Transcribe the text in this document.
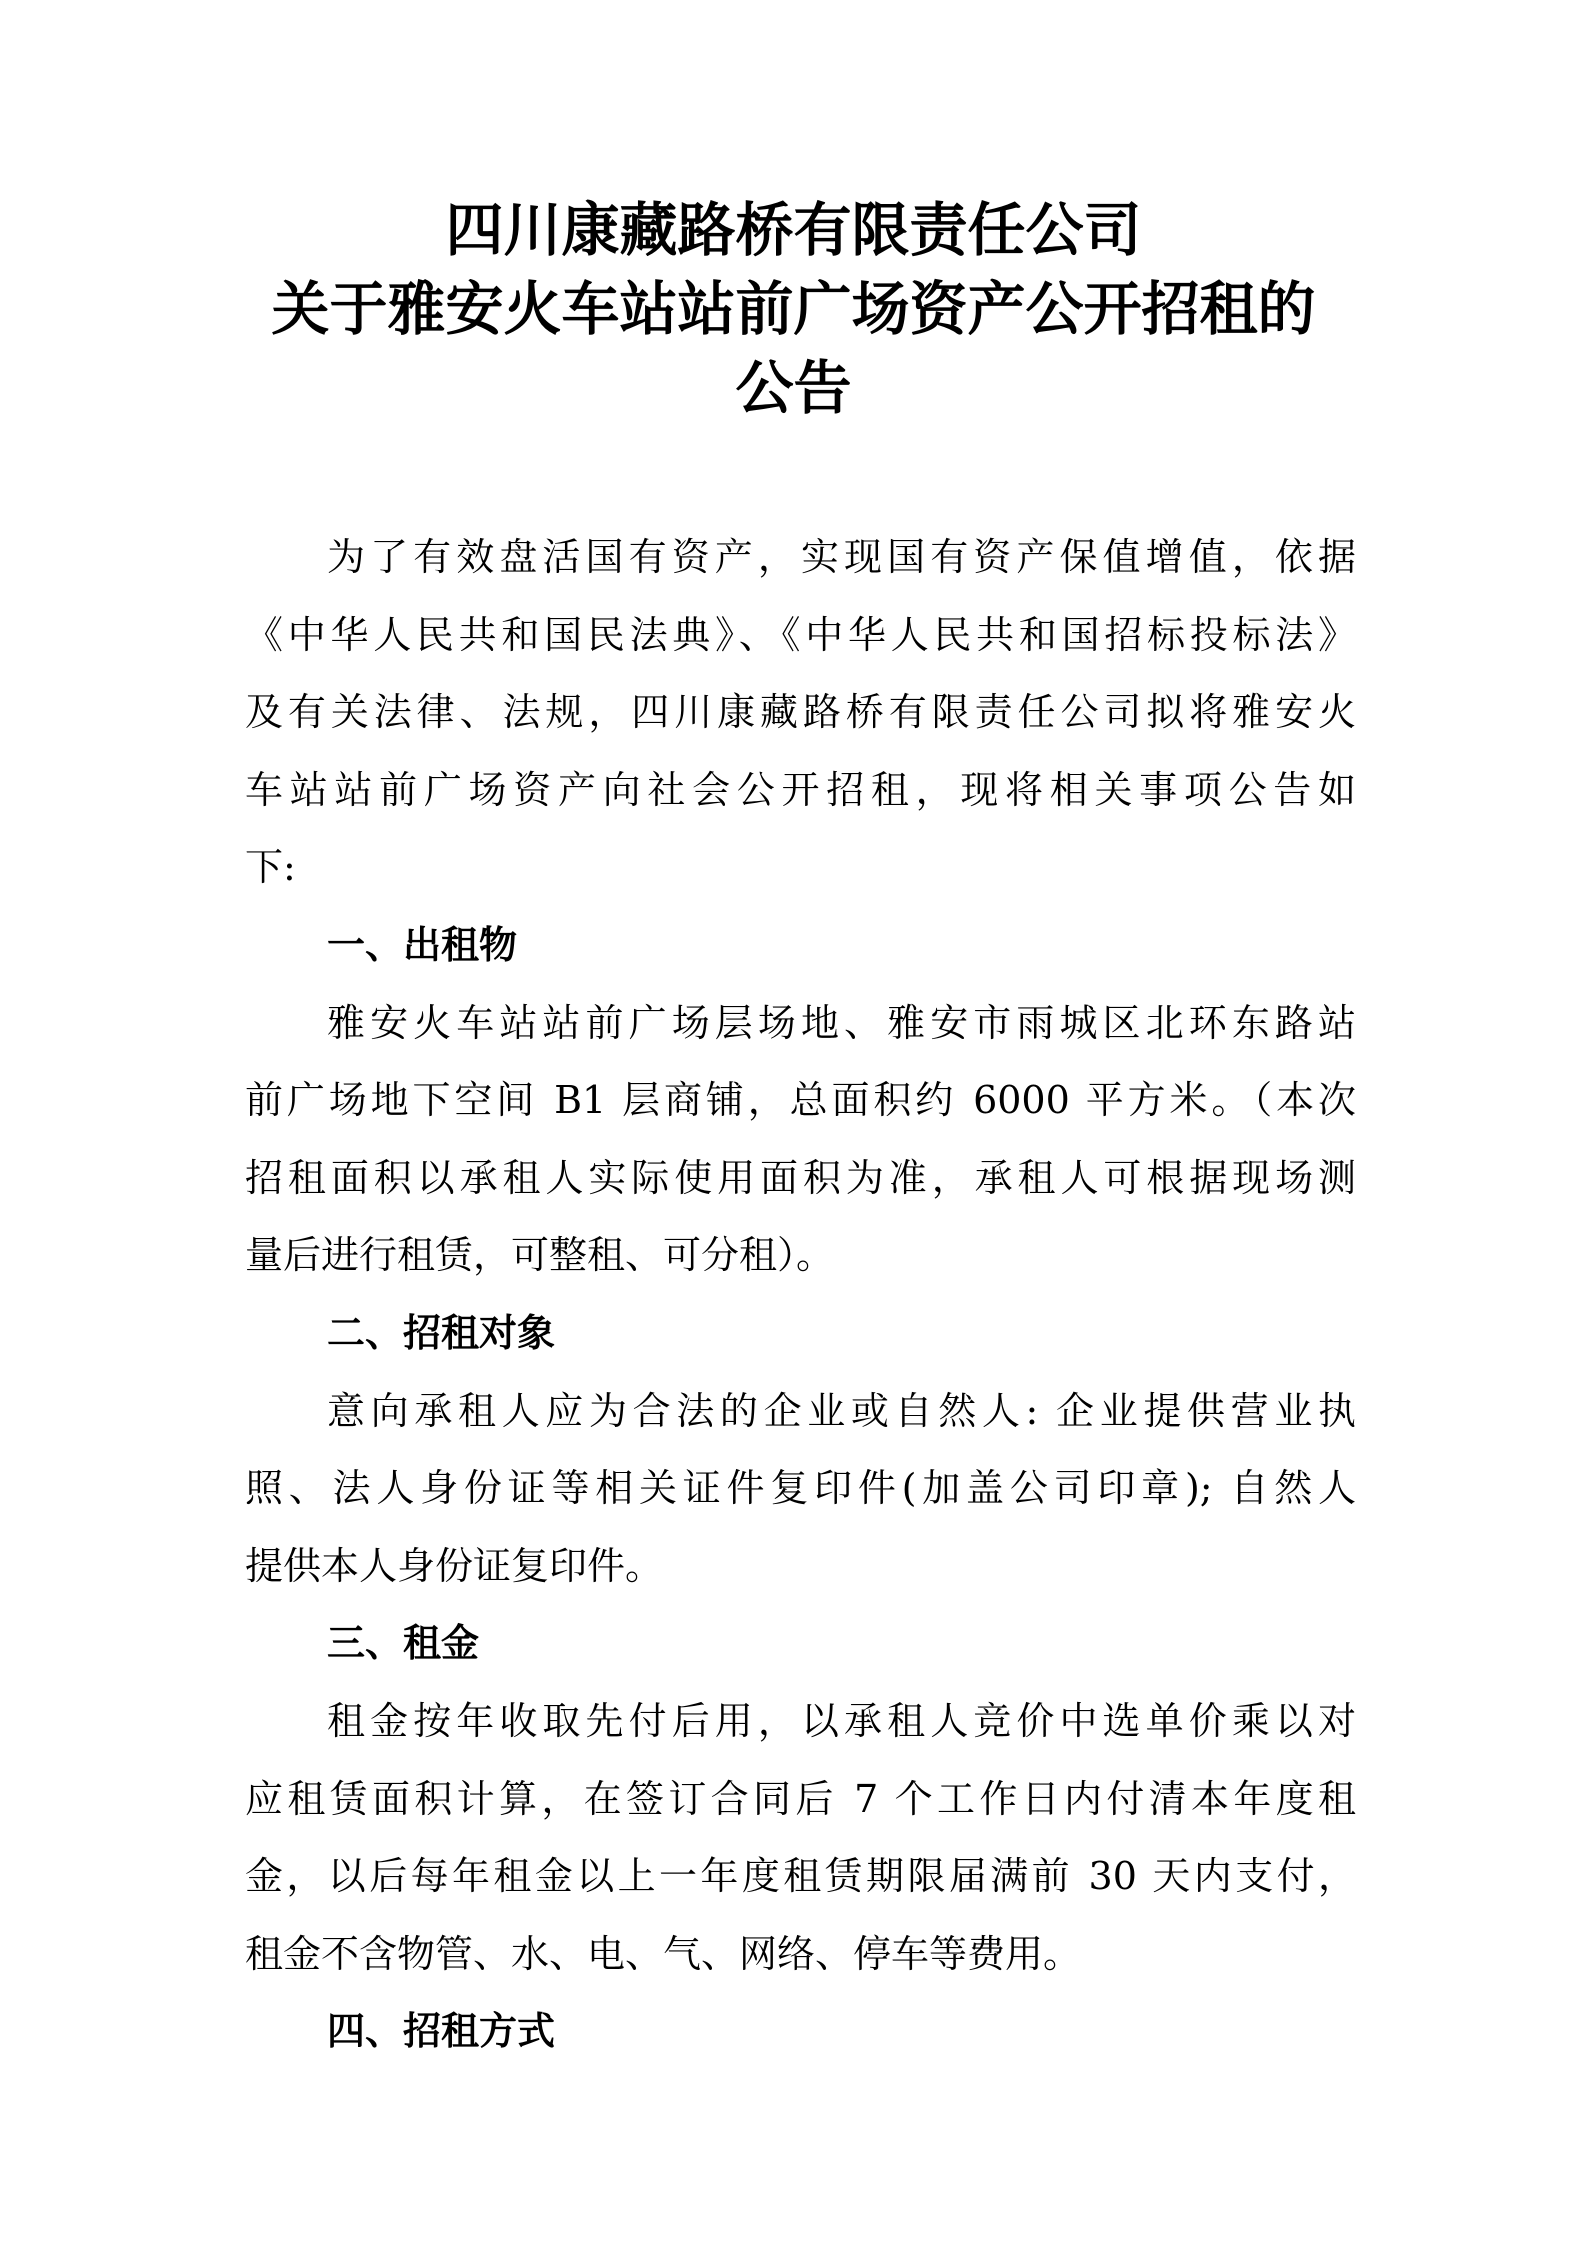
四川康藏路桥有限责任公司
关于雅安火车站站前广场资产公开招租的
公告
为了有效盘活国有资产，实现国有资产保值增值，依据
《中华人民共和国民法典》、《中华人民共和国招标投标法》
及有关法律、法规，四川康藏路桥有限责任公司拟将雅安火
车站站前广场资产向社会公开招租，现将相关事项公告如
下:
一、出租物
雅安火车站站前广场层场地、雅安市雨城区北环东路站
前广场地下空间 B1 层商铺，总面积约 6000 平方米。（本次
招租面积以承租人实际使用面积为准，承租人可根据现场测
量后进行租赁，可整租、可分租）。
二、招租对象
意向承租人应为合法的企业或自然人: 企业提供营业执
照、法人身份证等相关证件复印件(加盖公司印章); 自然人
提供本人身份证复印件。
三、租金
租金按年收取先付后用，以承租人竞价中选单价乘以对
应租赁面积计算，在签订合同后 7 个工作日内付清本年度租
金，以后每年租金以上一年度租赁期限届满前 30 天内支付，
租金不含物管、水、电、气、网络、停车等费用。
四、招租方式
